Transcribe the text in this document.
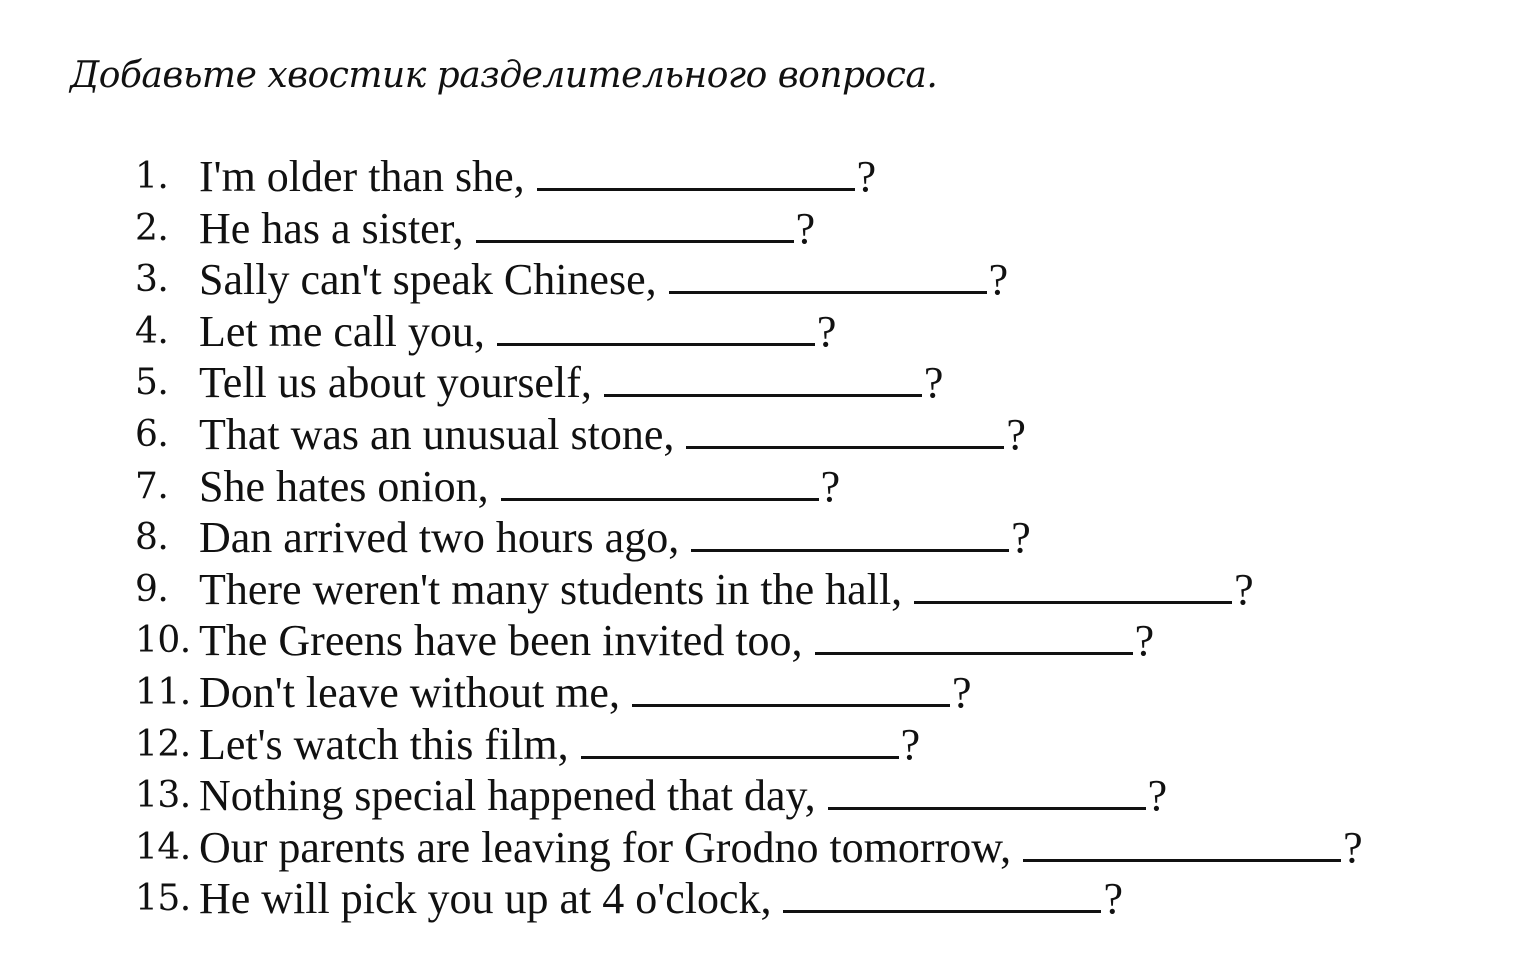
Добавьте хвостик разделительного вопроса.
1. I'm older than she,	?
2. He has a sister,	?
3. Sally can't speak Chinese,	?
4. Let me call you,	?
5. Tell us about yourself,	?
6. That was an unusual stone,	?
7. She hates onion,	?
8. Dan arrived two hours ago,	?
9. There weren't many students in the hall,	?
10. The Greens have been invited too,	?
11. Don't leave without me,	?
12. Let's watch this film,	?
13. Nothing special happened that day,	?
14. Our parents are leaving for Grodno tomorrow,	?
15. He will pick you up at 4 o'clock,	?
